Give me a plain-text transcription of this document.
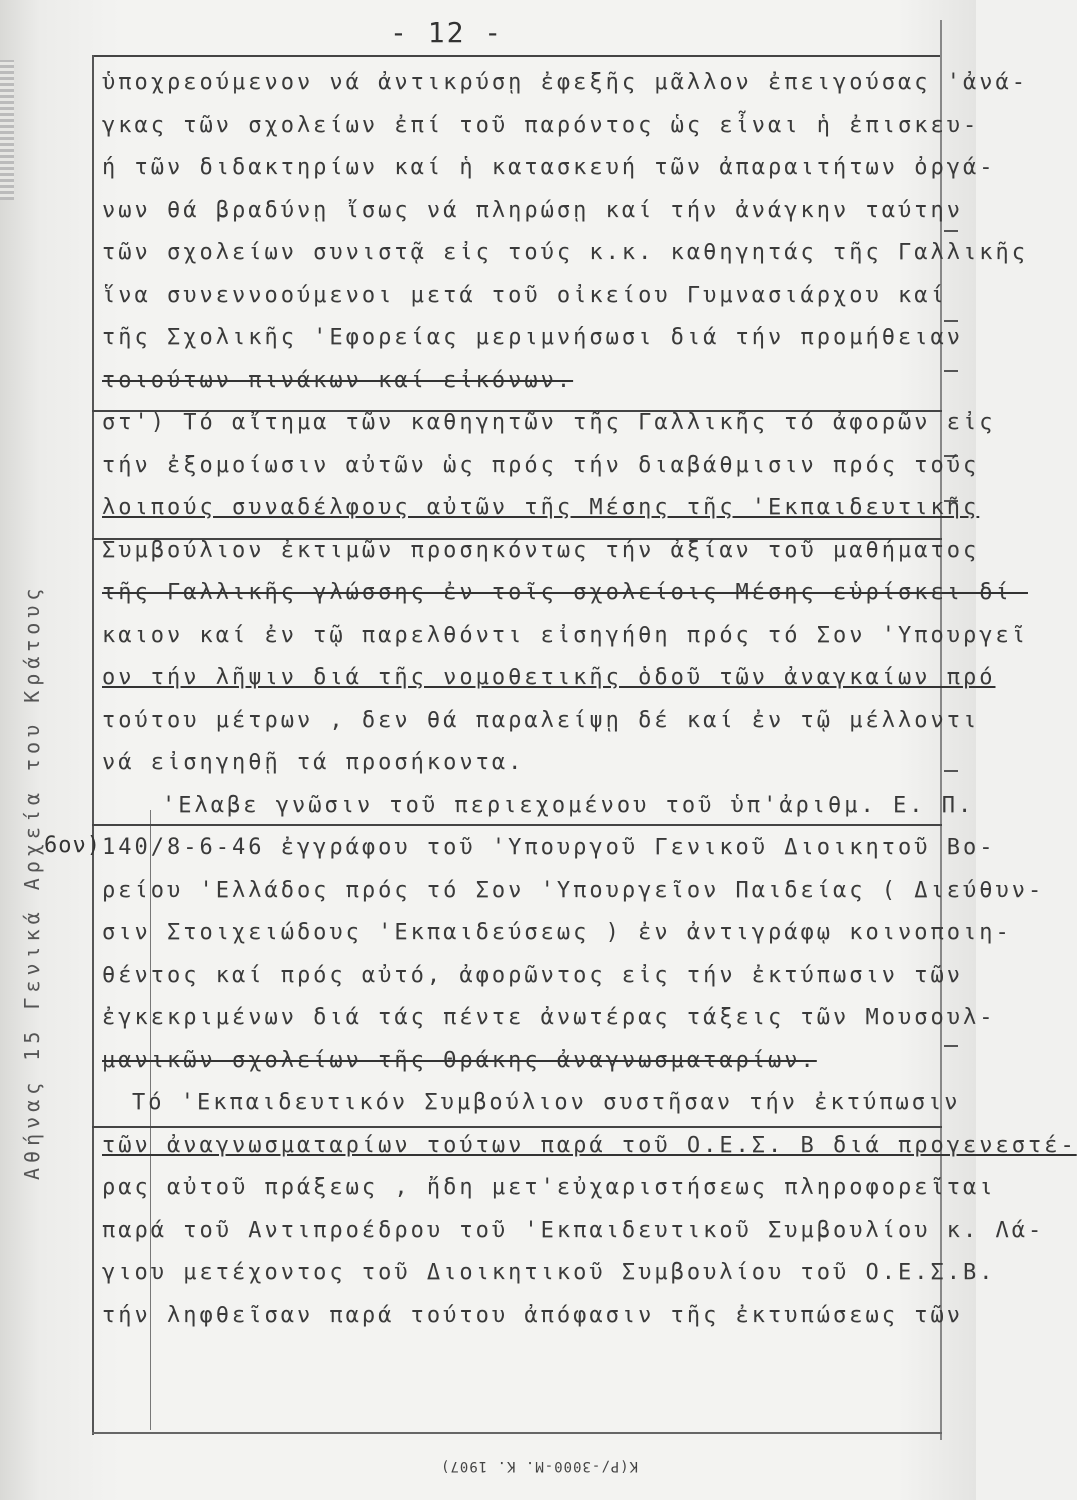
- 12 -
6ον)
Αθήνας 15 Γενικά Αρχεία του Κράτους
Κ(Ρ/-3000-Μ. Κ. 1907)
ὑποχρεούμενον νά ἀντικρύσῃ ἐφεξῆς μᾶλλον ἐπειγούσας 'ἀνά-
γκας τῶν σχολείων ἐπί τοῦ παρόντος ὡς εἶναι ἡ ἐπισκευ-
ή τῶν διδακτηρίων καί ἡ κατασκευή τῶν ἀπαραιτήτων ὀργά-
νων θά βραδύνῃ ἴσως νά πληρώσῃ καί τήν ἀνάγκην ταύτην
τῶν σχολείων συνιστᾷ εἰς τούς κ.κ. καθηγητάς τῆς Γαλλικῆς
ἵνα συνεννοούμενοι μετά τοῦ οἰκείου Γυμνασιάρχου καί
τῆς Σχολικῆς 'Εφορείας μεριμνήσωσι διά τήν προμήθειαν
τοιούτων πινάκων καί εἰκόνων.
στ') Τό αἴτημα τῶν καθηγητῶν τῆς Γαλλικῆς τό ἀφορῶν εἰς
τήν ἐξομοίωσιν αὐτῶν ὡς πρός τήν διαβάθμισιν πρός τούς
λοιπούς συναδέλφους αὐτῶν τῆς Μέσης τῆς 'Εκπαιδευτικῆς
Συμβούλιον ἐκτιμῶν προσηκόντως τήν ἀξίαν τοῦ μαθήματος
τῆς Γαλλικῆς γλώσσης ἐν τοῖς σχολείοις Μέσης εὑρίσκει δί-
καιον καί ἐν τῷ παρελθόντι εἰσηγήθη πρός τό Σον 'Υπουργεῖ
ον τήν λῆψιν διά τῆς νομοθετικῆς ὁδοῦ τῶν ἀναγκαίων πρό
τούτου μέτρων , δεν θά παραλείψῃ δέ καί ἐν τῷ μέλλοντι
νά εἰσηγηθῇ τά προσήκοντα.
'Ελαβε γνῶσιν τοῦ περιεχομένου τοῦ ὑπ'ἀριθμ. Ε. Π.
140/8-6-46 ἐγγράφου τοῦ 'Υπουργοῦ Γενικοῦ Διοικητοῦ Βο-
ρείου 'Ελλάδος πρός τό Σον 'Υπουργεῖον Παιδείας ( Διεύθυν-
σιν Στοιχειώδους 'Εκπαιδεύσεως ) ἐν ἀντιγράφῳ κοινοποιη-
θέντος καί πρός αὐτό, ἀφορῶντος εἰς τήν ἐκτύπωσιν τῶν
ἐγκεκριμένων διά τάς πέντε ἀνωτέρας τάξεις τῶν Μουσουλ-
μανικῶν σχολείων τῆς Θράκης ἀναγνωσματαρίων.
Τό 'Εκπαιδευτικόν Συμβούλιον συστῆσαν τήν ἐκτύπωσιν
τῶν ἀναγνωσματαρίων τούτων παρά τοῦ Ο.Ε.Σ. Β διά προγενεστέ-
ρας αὐτοῦ πράξεως , ἤδη μετ'εὐχαριστήσεως πληροφορεῖται
παρά τοῦ Αντιπροέδρου τοῦ 'Εκπαιδευτικοῦ Συμβουλίου κ. Λά-
γιου μετέχοντος τοῦ Διοικητικοῦ Συμβουλίου τοῦ Ο.Ε.Σ.Β.
τήν ληφθεῖσαν παρά τούτου ἀπόφασιν τῆς ἐκτυπώσεως τῶν
